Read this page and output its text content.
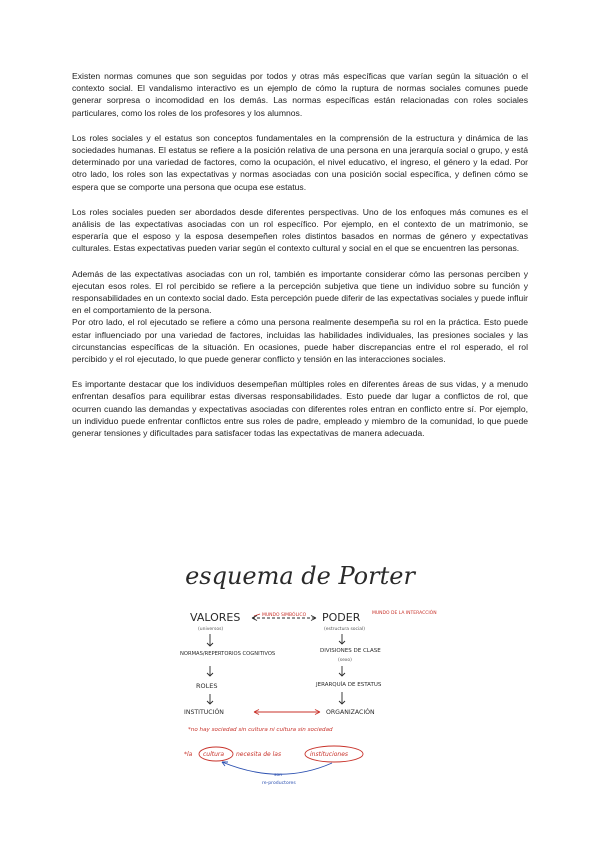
Existen normas comunes que son seguidas por todos y otras más específicas que varían según la situación o el contexto social. El vandalismo interactivo es un ejemplo de cómo la ruptura de normas sociales comunes puede generar sorpresa o incomodidad en los demás. Las normas específicas están relacionadas con roles sociales particulares, como los roles de los profesores y los alumnos.

Los roles sociales y el estatus son conceptos fundamentales en la comprensión de la estructura y dinámica de las sociedades humanas. El estatus se refiere a la posición relativa de una persona en una jerarquía social o grupo, y está determinado por una variedad de factores, como la ocupación, el nivel educativo, el ingreso, el género y la edad. Por otro lado, los roles son las expectativas y normas asociadas con una posición social específica, y definen cómo se espera que se comporte una persona que ocupa ese estatus.

Los roles sociales pueden ser abordados desde diferentes perspectivas. Uno de los enfoques más comunes es el análisis de las expectativas asociadas con un rol específico. Por ejemplo, en el contexto de un matrimonio, se esperaría que el esposo y la esposa desempeñen roles distintos basados en normas de género y expectativas culturales. Estas expectativas pueden variar según el contexto cultural y social en el que se encuentren las personas.

Además de las expectativas asociadas con un rol, también es importante considerar cómo las personas perciben y ejecutan esos roles. El rol percibido se refiere a la percepción subjetiva que tiene un individuo sobre su función y responsabilidades en un contexto social dado. Esta percepción puede diferir de las expectativas sociales y puede influir en el comportamiento de la persona.

Por otro lado, el rol ejecutado se refiere a cómo una persona realmente desempeña su rol en la práctica. Esto puede estar influenciado por una variedad de factores, incluidas las habilidades individuales, las presiones sociales y las circunstancias específicas de la situación. En ocasiones, puede haber discrepancias entre el rol esperado, el rol percibido y el rol ejecutado, lo que puede generar conflicto y tensión en las interacciones sociales.

Es importante destacar que los individuos desempeñan múltiples roles en diferentes áreas de sus vidas, y a menudo enfrentan desafíos para equilibrar estas diversas responsabilidades. Esto puede dar lugar a conflictos de rol, que ocurren cuando las demandas y expectativas asociadas con diferentes roles entran en conflicto entre sí. Por ejemplo, un individuo puede enfrentar conflictos entre sus roles de padre, empleado y miembro de la comunidad, lo que puede generar tensiones y dificultades para satisfacer todas las expectativas de manera adecuada.

esquema de Porter
VALORES
(universos)
MUNDO SIMBÓLICO PODER
(estructura social)
MUNDO DE LA INTERACCIÓN
NORMAS/REPERTORIOS COGNITIVOS	DIVISIONES DE CLASE
(sexo)
ROLES	JERARQUÍA DE ESTATUS
INSTITUCIÓN	ORGANIZACIÓN
*no hay sociedad sin cultura ni cultura sin sociedad
*la cultura necesita de las	instituciones
son
re-productores
